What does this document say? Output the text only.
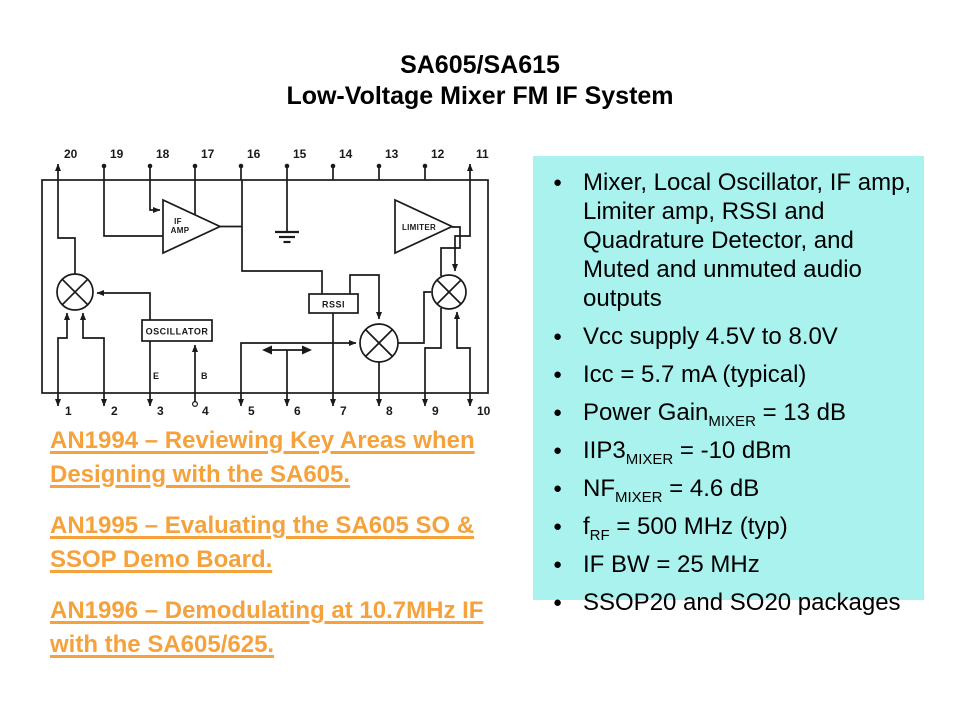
SA605/SA615
Low-Voltage Mixer FM IF System
20	19	18	17	16	15	14	13	12	11
1	2	3	4	5	6	7	8	9	10
IF
AMP	LIMITER
OSCILLATOR
RSSI
E	B
AN1994 – Reviewing Key Areas when Designing with the SA605.
AN1995 – Evaluating the SA605 SO & SSOP Demo Board.
AN1996 – Demodulating at 10.7MHz IF with the SA605/625.
● Mixer, Local Oscillator, IF amp, Limiter amp, RSSI and Quadrature Detector, and Muted and unmuted audio outputs
● Vcc supply 4.5V to 8.0V
● Icc = 5.7 mA (typical)
● Power Gain$_{MIXER}$ = 13 dB
● $IIP3_{MIXER} = -10$ dBm
● $NF_{MIXER} = 4.6$ dB
● $f_{RF} = 500$ MHz (typ)
● IF BW = 25 MHz
● SSOP20 and SO20 packages
